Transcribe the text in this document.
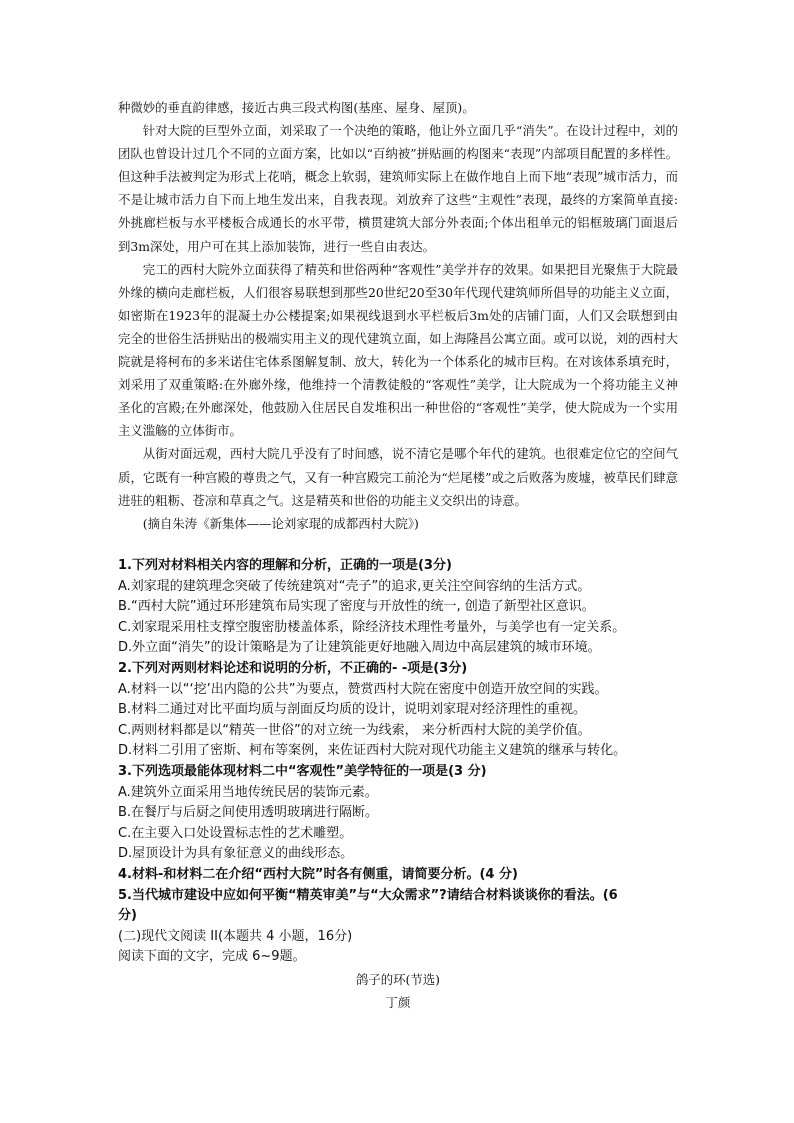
种微妙的垂直韵律感，接近古典三段式构图(基座、屋身、屋顶)。

针对大院的巨型外立面，刘采取了一个决绝的策略，他让外立面几乎“消失”。在设计过程中，刘的团队也曾设计过几个不同的立面方案，比如以“百纳被”拼贴画的构图来“表现”内部项目配置的多样性。但这种手法被判定为形式上花哨，概念上软弱，建筑师实际上在做作地自上而下地“表现”城市活力，而不是让城市活力自下而上地生发出来，自我表现。刘放弃了这些“主观性”表现，最终的方案简单直接:外挑廊栏板与水平楼板合成通长的水平带，横贯建筑大部分外表面;个体出租单元的铝框玻璃门面退后到3m深处，用户可在其上添加装饰，进行一些自由表达。

完工的西村大院外立面获得了精英和世俗两种“客观性”美学并存的效果。如果把目光聚焦于大院最外缘的横向走廊栏板，人们很容易联想到那些20世纪20至30年代现代建筑师所倡导的功能主义立面，如密斯在1923年的混凝土办公楼提案;如果视线退到水平栏板后3m处的店铺门面，人们又会联想到由完全的世俗生活拼贴出的极端实用主义的现代建筑立面，如上海隆昌公寓立面。或可以说，刘的西村大院就是将柯布的多米诺住宅体系图解复制、放大，转化为一个体系化的城市巨构。在对该体系填充时，刘采用了双重策略:在外廊外缘，他维持一个清教徒般的“客观性”美学，让大院成为一个将功能主义神圣化的宫殿;在外廊深处，他鼓励入住居民自发堆积出一种世俗的“客观性”美学，使大院成为一个实用主义滥觞的立体街市。

从街对面远观，西村大院几乎没有了时间感，说不清它是哪个年代的建筑。也很难定位它的空间气质，它既有一种宫殿的尊贵之气，又有一种宫殿完工前沦为“烂尾楼”或之后败落为废墟，被草民们肆意进驻的粗粝、苍凉和草真之气。这是精英和世俗的功能主义交织出的诗意。

(摘自朱涛《新集体——论刘家琨的成都西村大院》)

1.下列对材料相关内容的理解和分析，正确的一项是(3分)

A.刘家琨的建筑理念突破了传统建筑对“壳子”的追求,更关注空间容纳的生活方式。

B.“西村大院”通过环形建筑布局实现了密度与开放性的统一, 创造了新型社区意识。

C.刘家琨采用柱支撑空腹密肋楼盖体系，除经济技术理性考量外，与美学也有一定关系。

D.外立面“消失”的设计策略是为了让建筑能更好地融入周边中高层建筑的城市环境。

2.下列对两则材料论述和说明的分析，不正确的- -项是(3分)

A.材料一以“‘挖’出内隐的公共”为要点，赞赏西村大院在密度中创造开放空间的实践。

B.材料二通过对比平面均质与剖面反均质的设计，说明刘家琨对经济理性的重视。

C.两则材料都是以“精英一世俗”的对立统一为线索， 来分析西村大院的美学价值。

D.材料二引用了密斯、柯布等案例，来佐证西村大院对现代功能主义建筑的继承与转化。

3.下列选项最能体现材料二中“客观性”美学特征的一项是(3 分)

A.建筑外立面采用当地传统民居的装饰元素。

B.在餐厅与后厨之间使用透明玻璃进行隔断。

C.在主要入口处设置标志性的艺术雕塑。

D.屋顶设计为具有象征意义的曲线形态。

4.材料-和材料二在介绍“西村大院”时各有侧重，请简要分析。(4 分)

5.当代城市建设中应如何平衡“精英审美”与“大众需求”?请结合材料谈谈你的看法。(6

分)

(二)现代文阅读 II(本题共 4 小题，16分)

阅读下面的文字，完成 6~9题。

鸽子的环(节选)

丁颜
